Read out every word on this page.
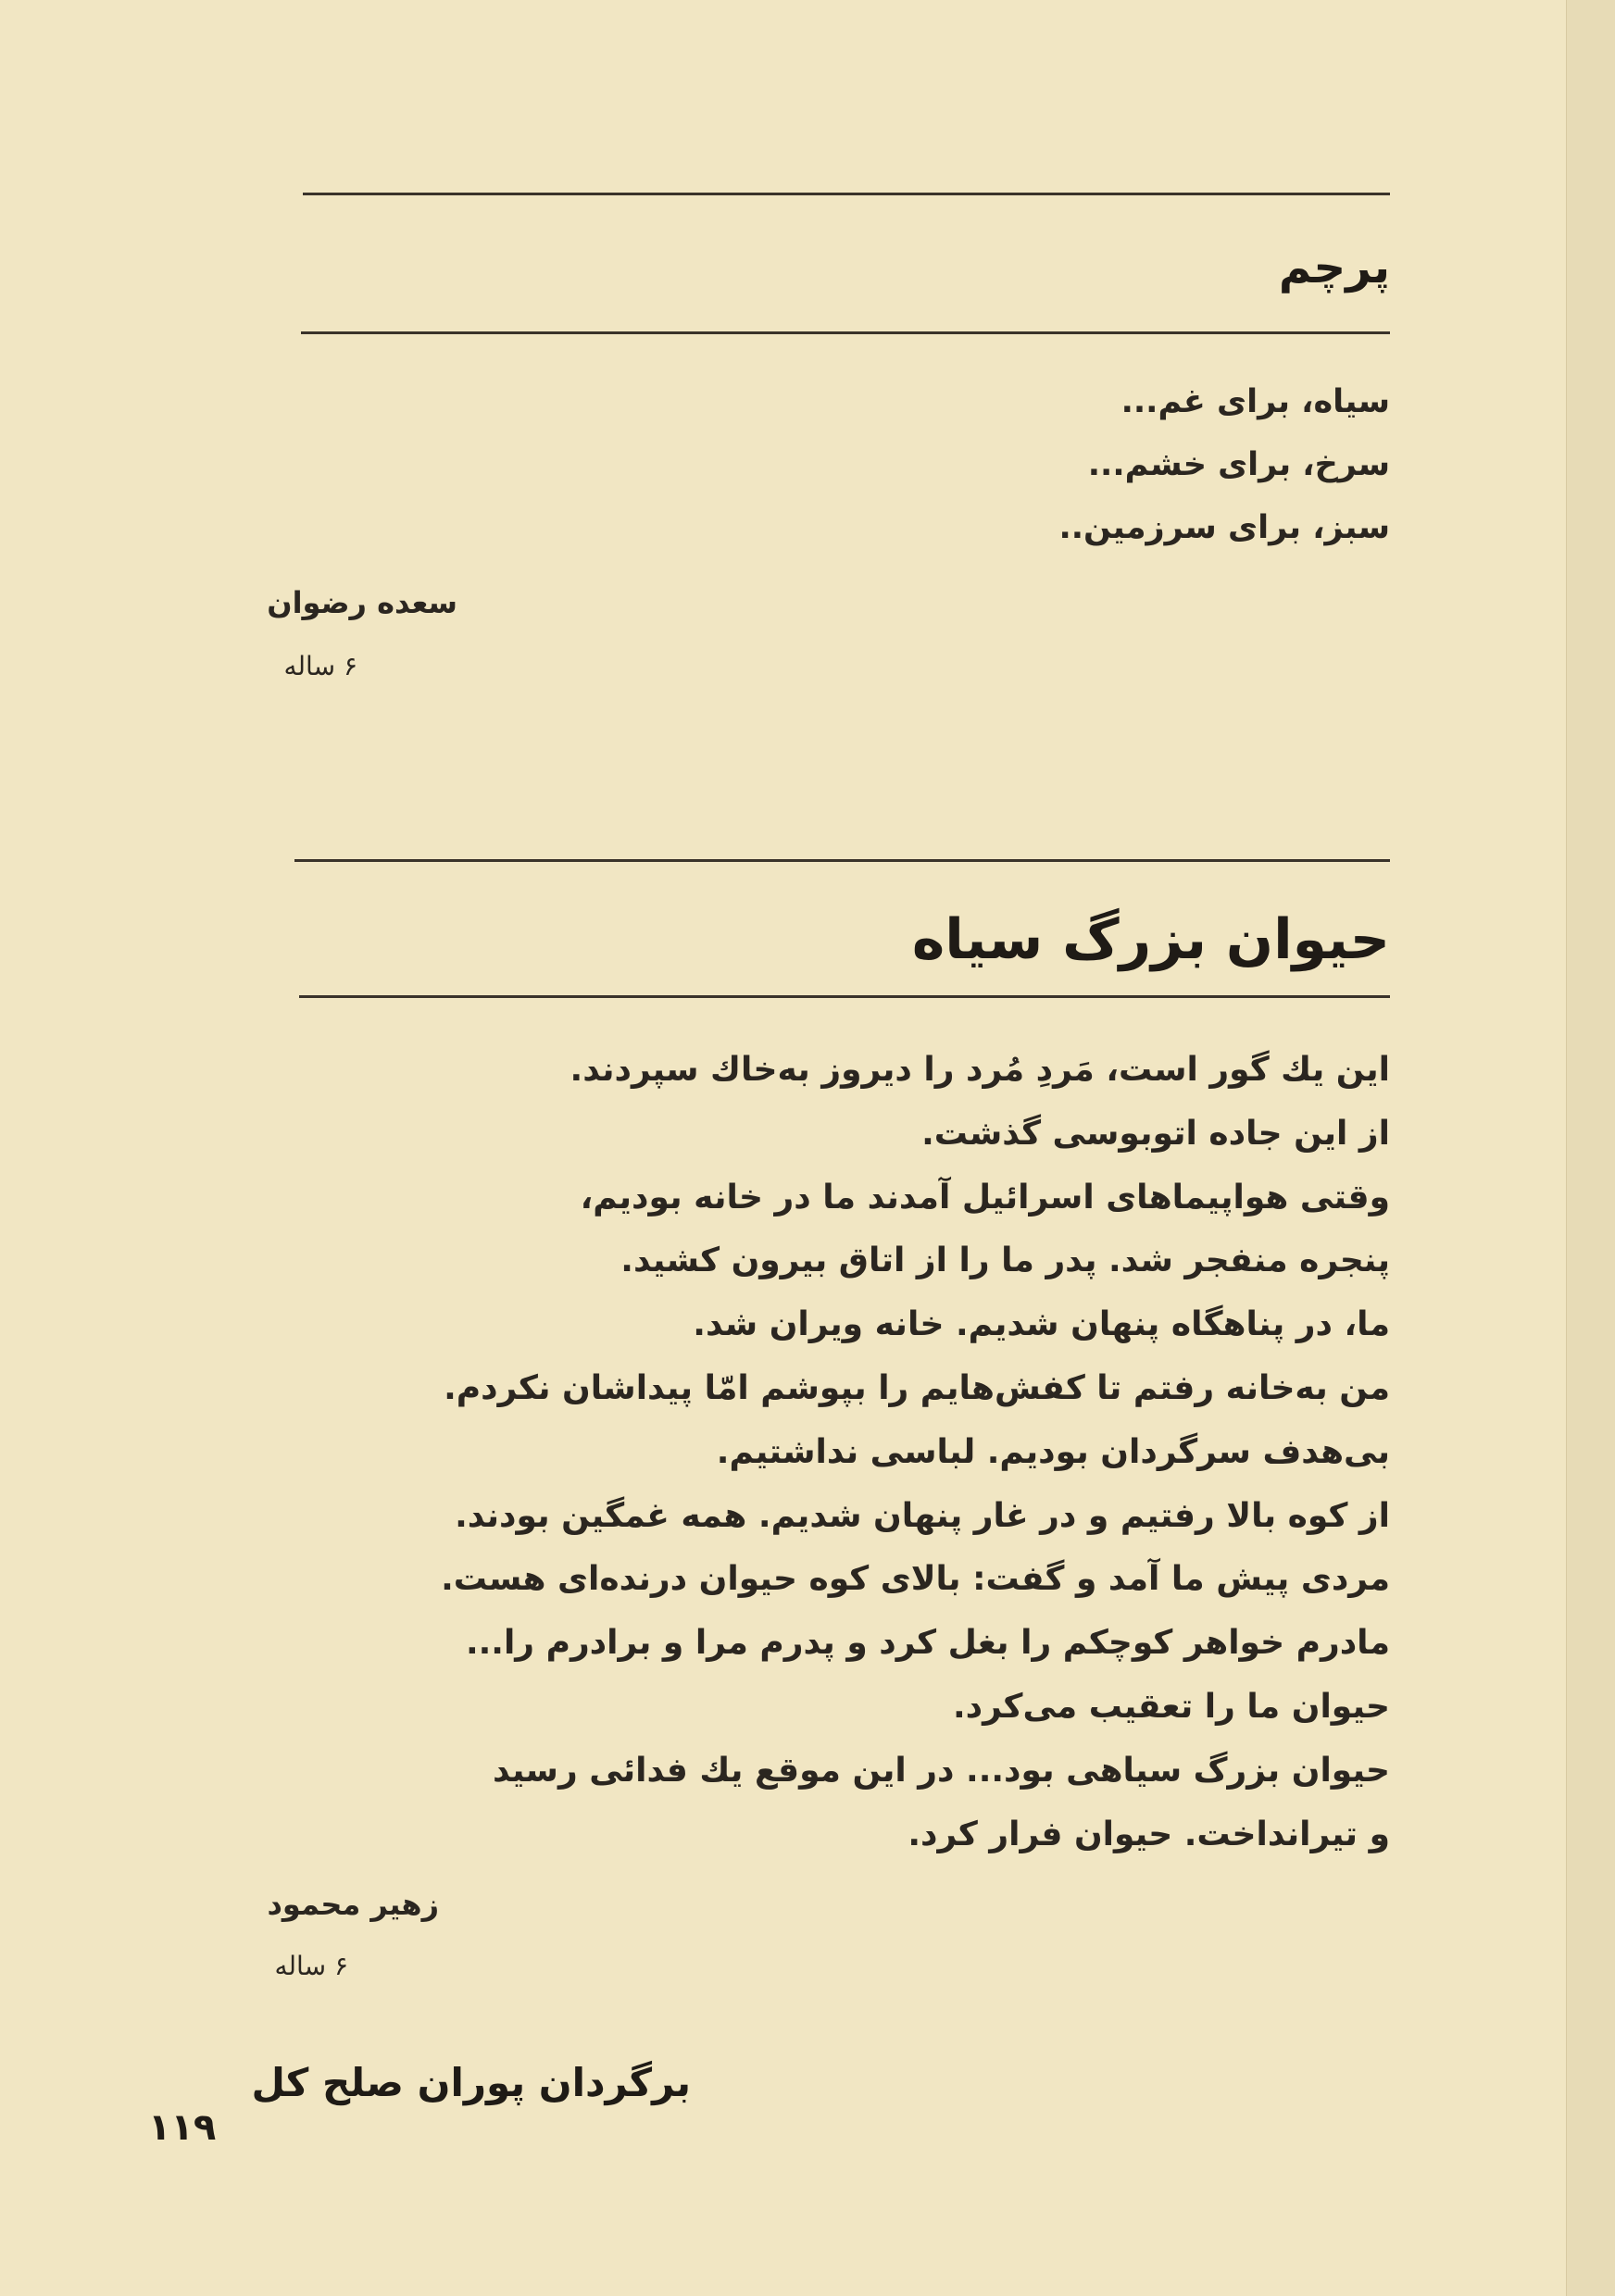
پرچم
سیاه، برای غم...
سرخ، برای خشم...
سبز، برای سرزمین..
سعده رضوان
۶ ساله
حیوان بزرگ سیاه
این یك گور است، مَردِ مُرد را دیروز به‌خاك سپردند.
از این جاده اتوبوسی گذشت.
وقتی هواپیماهای اسرائیل آمدند ما در خانه بودیم،
پنجره منفجر شد. پدر ما را از اتاق بیرون كشید.
ما، در پناهگاه پنهان شدیم. خانه ویران شد.
من به‌خانه رفتم تا كفش‌هایم را بپوشم امّا پیداشان نكردم.
بی‌هدف سرگردان بودیم. لباسی نداشتیم.
از كوه بالا رفتیم و در غار پنهان شدیم. همه غمگین بودند.
مردی پیش ما آمد و گفت: بالای كوه حیوان درنده‌ای هست.
مادرم خواهر كوچكم را بغل كرد و پدرم مرا و برادرم را...
حیوان ما را تعقیب می‌كرد.
حیوان بزرگ سیاهی بود... در این موقع یك فدائی رسید
و تیرانداخت. حیوان فرار كرد.
زهیر محمود
۶ ساله
برگردان پوران صلح كل
۱۱۹
